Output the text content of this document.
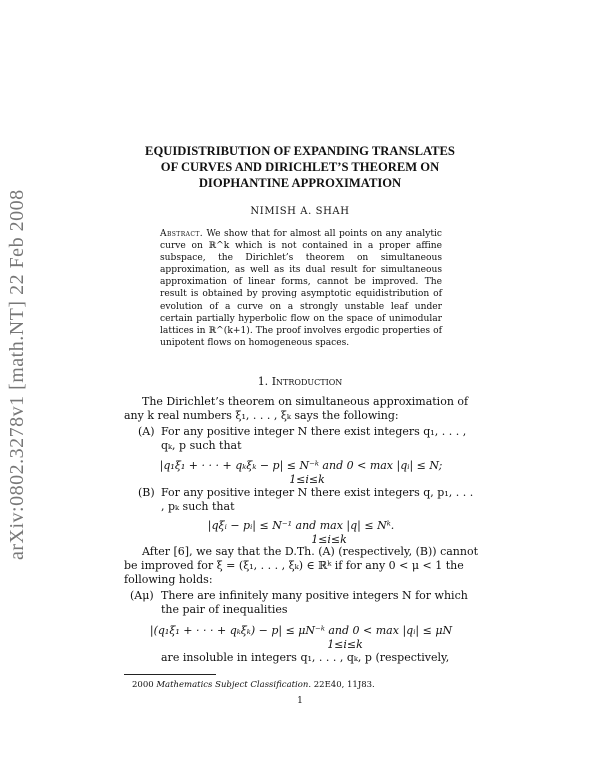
arXiv:0802.3278v1 [math.NT] 22 Feb 2008
EQUIDISTRIBUTION OF EXPANDING TRANSLATES
OF CURVES AND DIRICHLET’S THEOREM ON
DIOPHANTINE APPROXIMATION
NIMISH A. SHAH
Abstract. We show that for almost all points on any analytic curve on ℝ^k which is not contained in a proper affine subspace, the Dirichlet’s theorem on simultaneous approximation, as well as its dual result for simultaneous approximation of linear forms, cannot be improved. The result is obtained by proving asymptotic equidistribution of evolution of a curve on a strongly unstable leaf under certain partially hyperbolic flow on the space of unimodular lattices in ℝ^(k+1). The proof involves ergodic properties of unipotent flows on homogeneous spaces.
1. Introduction
The Dirichlet’s theorem on simultaneous approximation of any k real numbers ξ₁, . . . , ξₖ says the following:
(A) For any positive integer N there exist integers q₁, . . . , qₖ, p such that
|q₁ξ₁ + · · · + qₖξₖ − p| ≤ N⁻ᵏ and 0 < max |qᵢ| ≤ N;
1≤i≤k
(B) For any positive integer N there exist integers q, p₁, . . . , pₖ such that
|qξᵢ − pᵢ| ≤ N⁻¹ and max |q| ≤ Nᵏ.
1≤i≤k
After [6], we say that the D.Th. (A) (respectively, (B)) cannot be improved for ξ = (ξ₁, . . . , ξₖ) ∈ ℝᵏ if for any 0 < μ < 1 the following holds:
(Aμ) There are infinitely many positive integers N for which the pair of inequalities
|(q₁ξ₁ + · · · + qₖξₖ) − p| ≤ μN⁻ᵏ and 0 < max |qᵢ| ≤ μN
1≤i≤k
are insoluble in integers q₁, . . . , qₖ, p (respectively,
2000 Mathematics Subject Classification. 22E40, 11J83.
1
